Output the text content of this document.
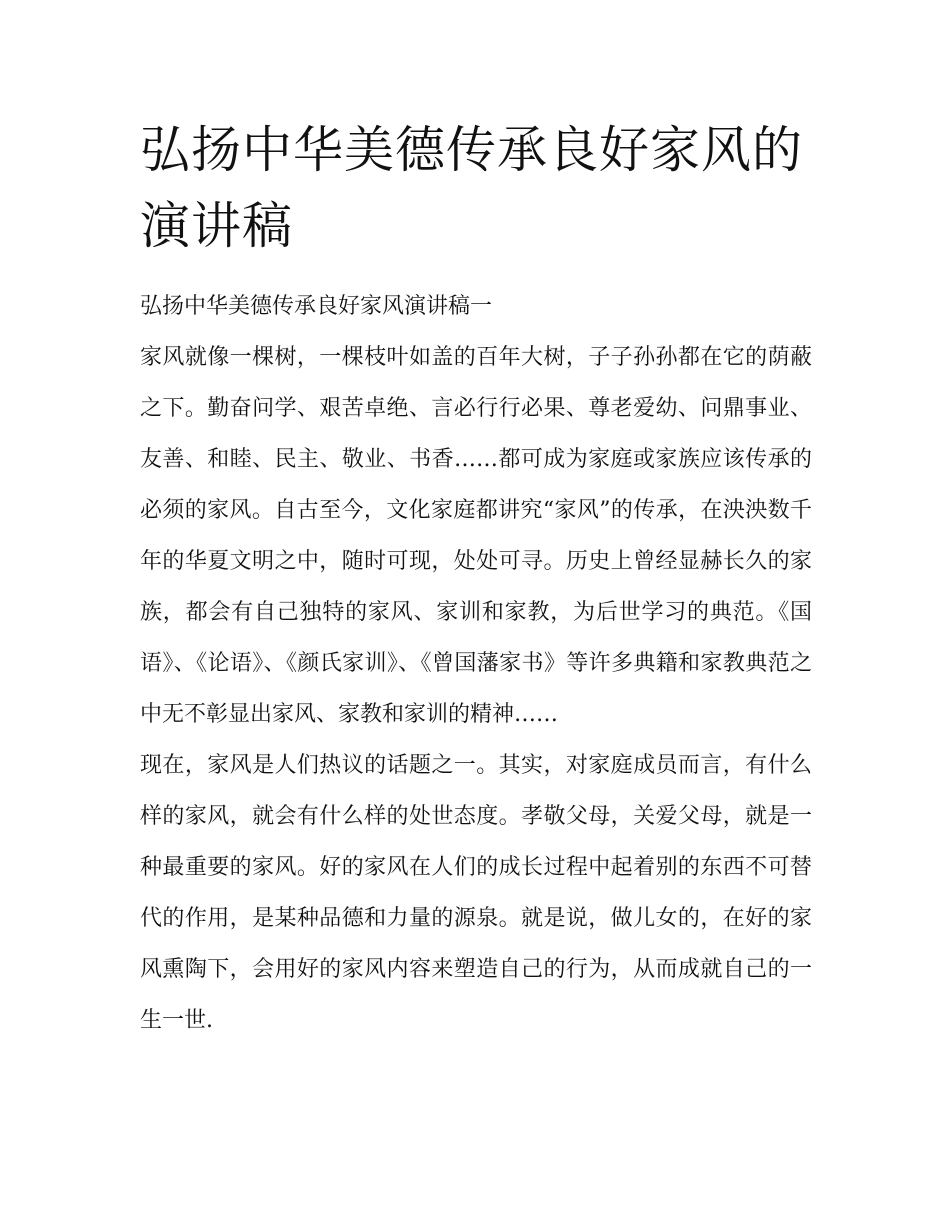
弘扬中华美德传承良好家风的演讲稿

弘扬中华美德传承良好家风演讲稿一

家风就像一棵树，一棵枝叶如盖的百年大树，子子孙孙都在它的荫蔽之下。勤奋问学、艰苦卓绝、言必行行必果、尊老爱幼、问鼎事业、友善、和睦、民主、敬业、书香……都可成为家庭或家族应该传承的必须的家风。自古至今，文化家庭都讲究“家风”的传承，在泱泱数千年的华夏文明之中，随时可现，处处可寻。历史上曾经显赫长久的家族，都会有自己独特的家风、家训和家教，为后世学习的典范。《国语》、《论语》、《颜氏家训》、《曾国藩家书》等许多典籍和家教典范之中无不彰显出家风、家教和家训的精神……

现在，家风是人们热议的话题之一。其实，对家庭成员而言，有什么样的家风，就会有什么样的处世态度。孝敬父母，关爱父母，就是一种最重要的家风。好的家风在人们的成长过程中起着别的东西不可替代的作用，是某种品德和力量的源泉。就是说，做儿女的，在好的家风熏陶下，会用好的家风内容来塑造自己的行为，从而成就自己的一生一世.
